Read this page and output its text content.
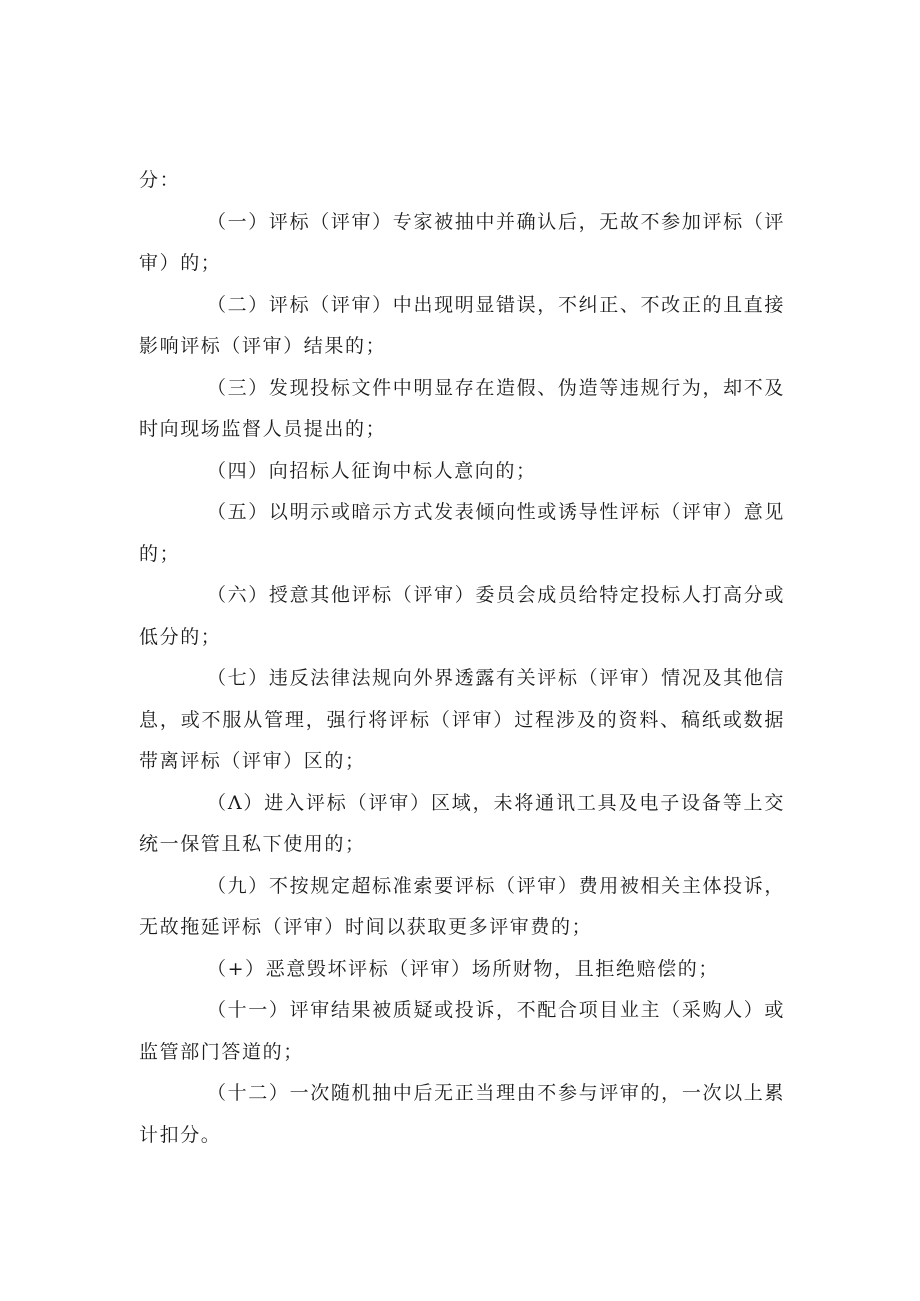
分：

（一）评标（评审）专家被抽中并确认后，无故不参加评标（评审）的；

（二）评标（评审）中出现明显错误，不纠正、不改正的且直接影响评标（评审）结果的；

（三）发现投标文件中明显存在造假、伪造等违规行为，却不及时向现场监督人员提出的；

（四）向招标人征询中标人意向的；

（五）以明示或暗示方式发表倾向性或诱导性评标（评审）意见的；

（六）授意其他评标（评审）委员会成员给特定投标人打高分或低分的；

（七）违反法律法规向外界透露有关评标（评审）情况及其他信息，或不服从管理，强行将评标（评审）过程涉及的资料、稿纸或数据带离评标（评审）区的；

（Λ）进入评标（评审）区域，未将通讯工具及电子设备等上交统一保管且私下使用的；

（九）不按规定超标准索要评标（评审）费用被相关主体投诉，无故拖延评标（评审）时间以获取更多评审费的；

（+）恶意毁坏评标（评审）场所财物，且拒绝赔偿的；

（十一）评审结果被质疑或投诉，不配合项目业主（采购人）或监管部门答道的；

（十二）一次随机抽中后无正当理由不参与评审的，一次以上累计扣分。
